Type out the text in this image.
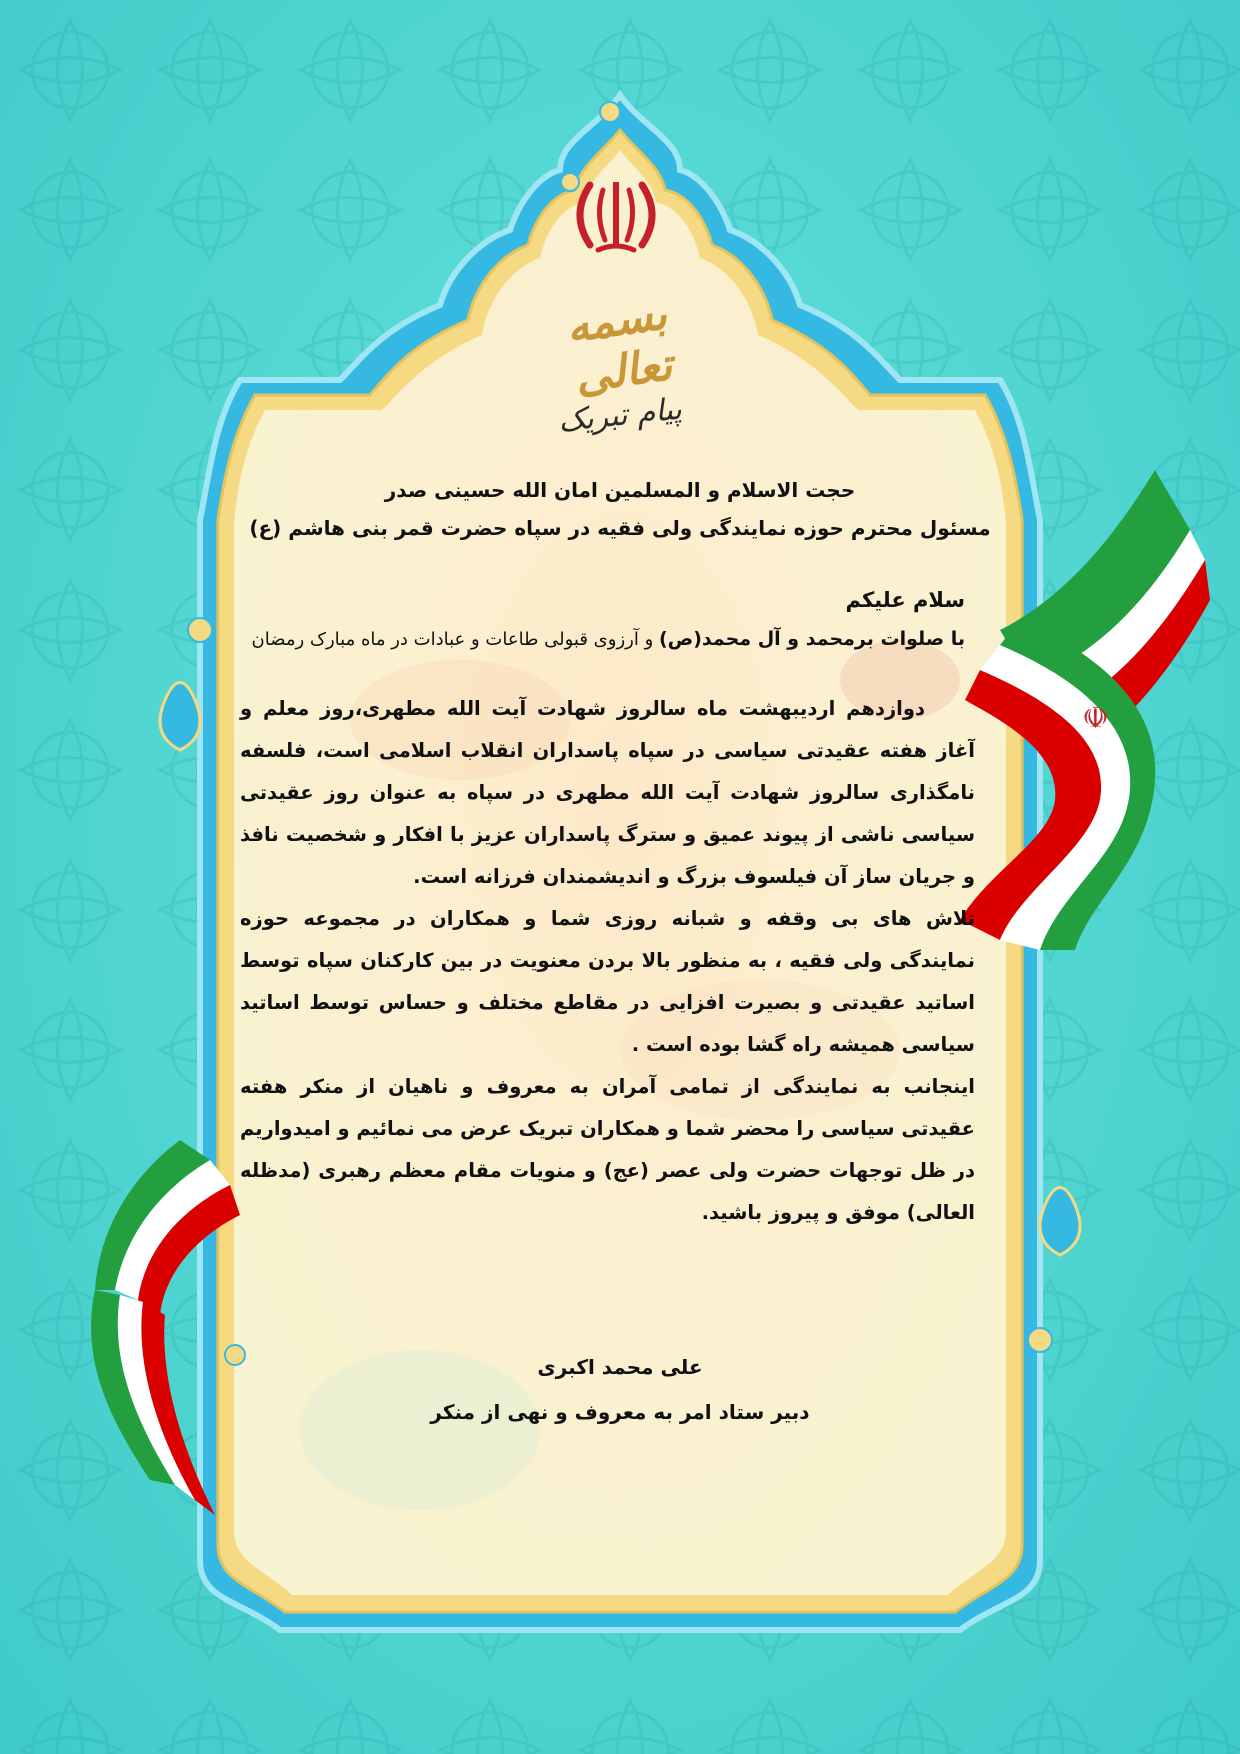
☫
بسمه تعالی
پیام تبریک
حجت الاسلام و المسلمین امان الله حسینی صدر
مسئول محترم حوزه نمایندگی ولی فقیه در سپاه حضرت قمر بنی هاشم (ع)
سلام علیکم
با صلوات برمحمد و آل محمد(ص) و آرزوی قبولی طاعات و عبادات در ماه مبارک رمضان

دوازدهم اردیبهشت ماه سالروز شهادت آیت الله مطهری،روز معلم و آغاز هفته عقیدتی سیاسی در سپاه پاسداران انقلاب اسلامی است، فلسفه نامگذاری سالروز شهادت آیت الله مطهری در سپاه به عنوان روز عقیدتی سیاسی ناشی از پیوند عمیق و سترگ پاسداران عزیز با افکار و شخصیت نافذ و جریان ساز آن فیلسوف بزرگ و اندیشمندان فرزانه است.

تلاش های بی وقفه و شبانه روزی شما و همکاران در مجموعه حوزه نمایندگی ولی فقیه ، به منظور بالا بردن معنویت در بین کارکنان سپاه توسط اساتید عقیدتی و بصیرت افزایی در مقاطع مختلف و حساس توسط اساتید سیاسی همیشه راه گشا بوده است .

اینجانب به نمایندگی از تمامی آمران به معروف و ناهیان از منکر هفته عقیدتی سیاسی را محضر شما و همکاران تبریک عرض می نمائیم و امیدواریم در ظل توجهات حضرت ولی عصر (عج) و منویات مقام معظم رهبری (مدظله العالی) موفق و پیروز باشید.

علی محمد اکبری
دبیر ستاد امر به معروف و نهی از منکر
